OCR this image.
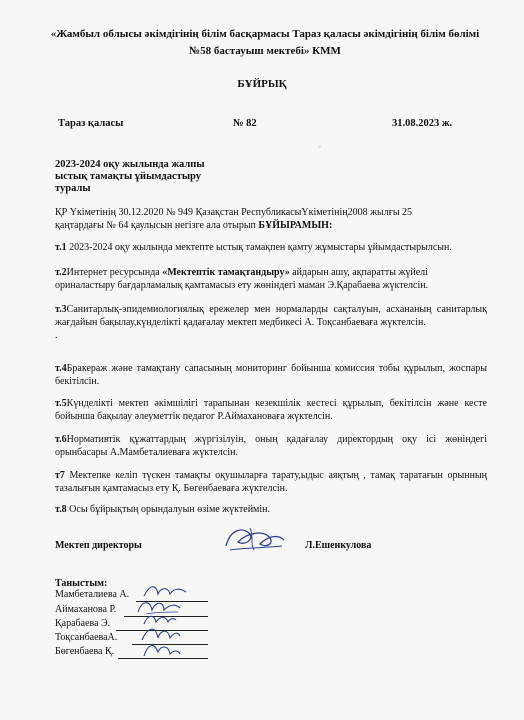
«Жамбыл облысы әкімдігінің білім басқармасы Тараз қаласы әкімдігінің білім бөлімі
№58 бастауыш мектебі» КММ
БҰЙРЫҚ
Тараз қаласы	№ 82	31.08.2023 ж.
◦
2023-2024 оқу жылында жалпы
ыстық тамақты ұйымдастыру
туралы
ҚР Үкіметінің 30.12.2020 № 949 Қазақстан РеспубликасыҮкіметінің2008 жылғы 25
қаңтардағы № 64 қаулысын негізге ала отырып БҰЙЫРАМЫН:
т.1 2023-2024 оқу жылында мектепте ыстық тамақпен қамту жұмыстары ұйымдастырылсын.
т.2Интернет ресурсында «Мектептік тамақтандыру» айдарын ашу, ақпаратты жүйелі ориналастыру бағдарламалық қамтамасыз ету жөніндегі маман Э.Қарабаева жүктелсін.
т.3Санитарлық-эпидемиологиялық ережелер мен нормаларды сақталуын, асхананың санитарлық жағдайын бақылау,күнделікті қадағалау мектеп медбикесі А. Тоқсанбаеваға жүктелсін.
.
т.4Бракераж және тамақтану сапасының мониторинг бойынша комиссия тобы құрылып, жоспары бекітілсін.
т.5Күнделікті мектеп әкімшілігі тарапынан кезекшілік кестесі құрылып, бекітілсін және кесте бойынша бақылау әлеуметтік педагог Р.Аймахановаға жүктелсін.
т.6Нормативтік құжаттардың жүргізілуін, оның қадағалау директордың оқу ісі жөніндегі орынбасары А.Мамбеталиеваға жүктелсін.
т7 Мектепке келіп түскен тамақты оқушыларға тарату,ыдыс аяқтың , тамақ таратағын орынның тазалығын қамтамасыз ету Қ. Бөгенбаеваға жүктелсін.
т.8 Осы бұйрықтың орындалуын өзіме жүктеймін.
Мектеп директоры	Л.Ешенкулова
Танысты​м:
Мамбеталиева А.
Аймаханова Р.
Қарабаева Э.
ТоқсанбаеваА.
Бөгенбаева Қ.
